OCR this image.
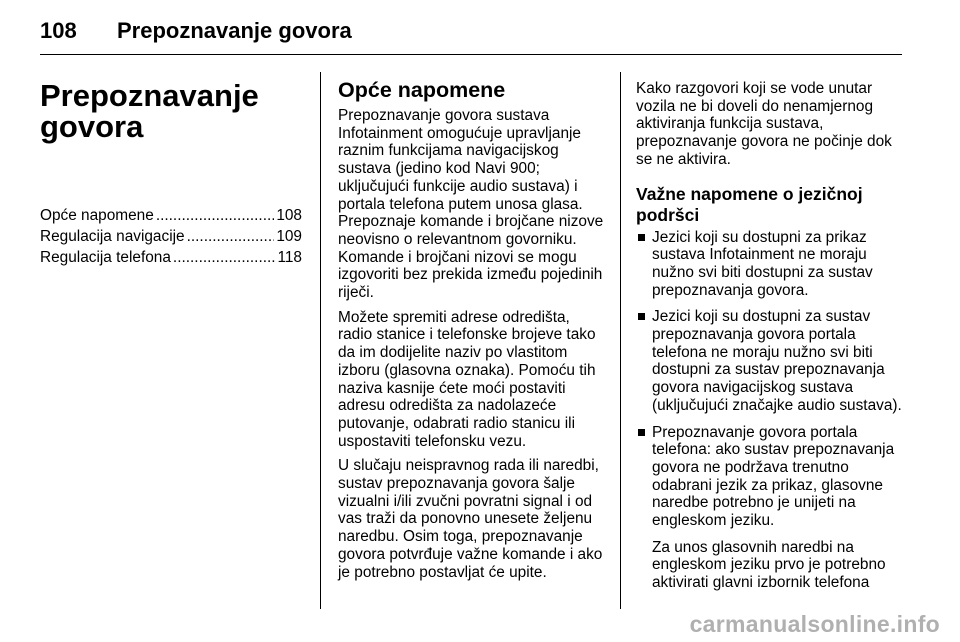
108 Prepoznavanje govora
Prepoznavanje
govora
Opće napomene .....	108
Regulacija navigacije .....	109
Regulacija telefona .....	118
Opće napomene

Prepoznavanje govora sustava Infotainment omogućuje upravljanje raznim funkcijama navigacijskog sustava (jedino kod Navi 900; uključujući funkcije audio sustava) i portala telefona putem unosa glasa. Prepoznaje komande i brojčane nizove neovisno o relevantnom govorniku. Komande i brojčani nizovi se mogu izgovoriti bez prekida između pojedinih riječi.

Možete spremiti adrese odredišta, radio stanice i telefonske brojeve tako da im dodijelite naziv po vlastitom izboru (glasovna oznaka). Pomoću tih naziva kasnije ćete moći postaviti adresu odredišta za nadolazeće putovanje, odabrati radio stanicu ili uspostaviti telefonsku vezu.

U slučaju neispravnog rada ili naredbi, sustav prepoznavanja govora šalje vizualni i/ili zvučni povratni signal i od vas traži da ponovno unesete željenu naredbu. Osim toga, prepoznavanje govora potvrđuje važne komande i ako je potrebno postavljat će upite.

Kako razgovori koji se vode unutar vozila ne bi doveli do nenamjernog aktiviranja funkcija sustava, prepoznavanje govora ne počinje dok se ne aktivira.

Važne napomene o jezičnoj
podršci
Jezici koji su dostupni za prikaz sustava Infotainment ne moraju nužno svi biti dostupni za sustav prepoznavanja govora.
Jezici koji su dostupni za sustav prepoznavanja govora portala telefona ne moraju nužno svi biti dostupni za sustav prepoznavanja govora navigacijskog sustava (uključujući značajke audio sustava).
Prepoznavanje govora portala telefona: ako sustav prepoznavanja govora ne podržava trenutno odabrani jezik za prikaz, glasovne naredbe potrebno je unijeti na engleskom jeziku.
Za unos glasovnih naredbi na engleskom jeziku prvo je potrebno aktivirati glavni izbornik telefona
carmanualsonline.info
